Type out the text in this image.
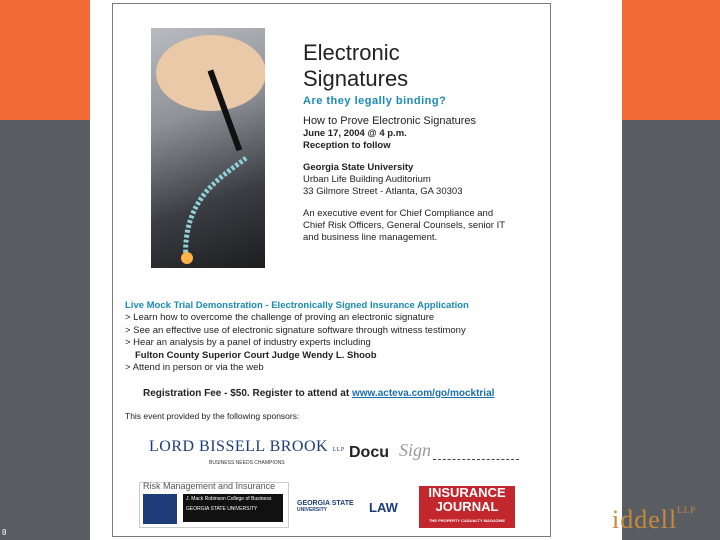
Electronic
Signatures
Are they legally binding?
How to Prove Electronic Signatures
June 17, 2004 @ 4 p.m.
Reception to follow
Georgia State University
Urban Life Building Auditorium
33 Gilmore Street - Atlanta, GA 30303
An executive event for Chief Compliance and
Chief Risk Officers, General Counsels, senior IT
and business line management.
Live Mock Trial Demonstration - Electronically Signed Insurance Application
> Learn how to overcome the challenge of proving an electronic signature
> See an effective use of electronic signature software through witness testimony
> Hear an analysis by a panel of industry experts including
Fulton County Superior Court Judge Wendy L. Shoob
> Attend in person or via the web
Registration Fee - $50. Register to attend at www.acteva.com/go/mocktrial
This event provided by the following sponsors:
LORD BISSELL BROOK LLP
BUSINESS NEEDS CHAMPIONS
Docu Sign
Risk Management and Insurance
J. Mack Robinson College of Business
GEORGIA STATE UNIVERSITY
GEORGIA STATE
UNIVERSITY	LAW
INSURANCE
JOURNAL
THE PROPERTY CASUALTY MAGAZINE	iddell$^{LLP}$
8
